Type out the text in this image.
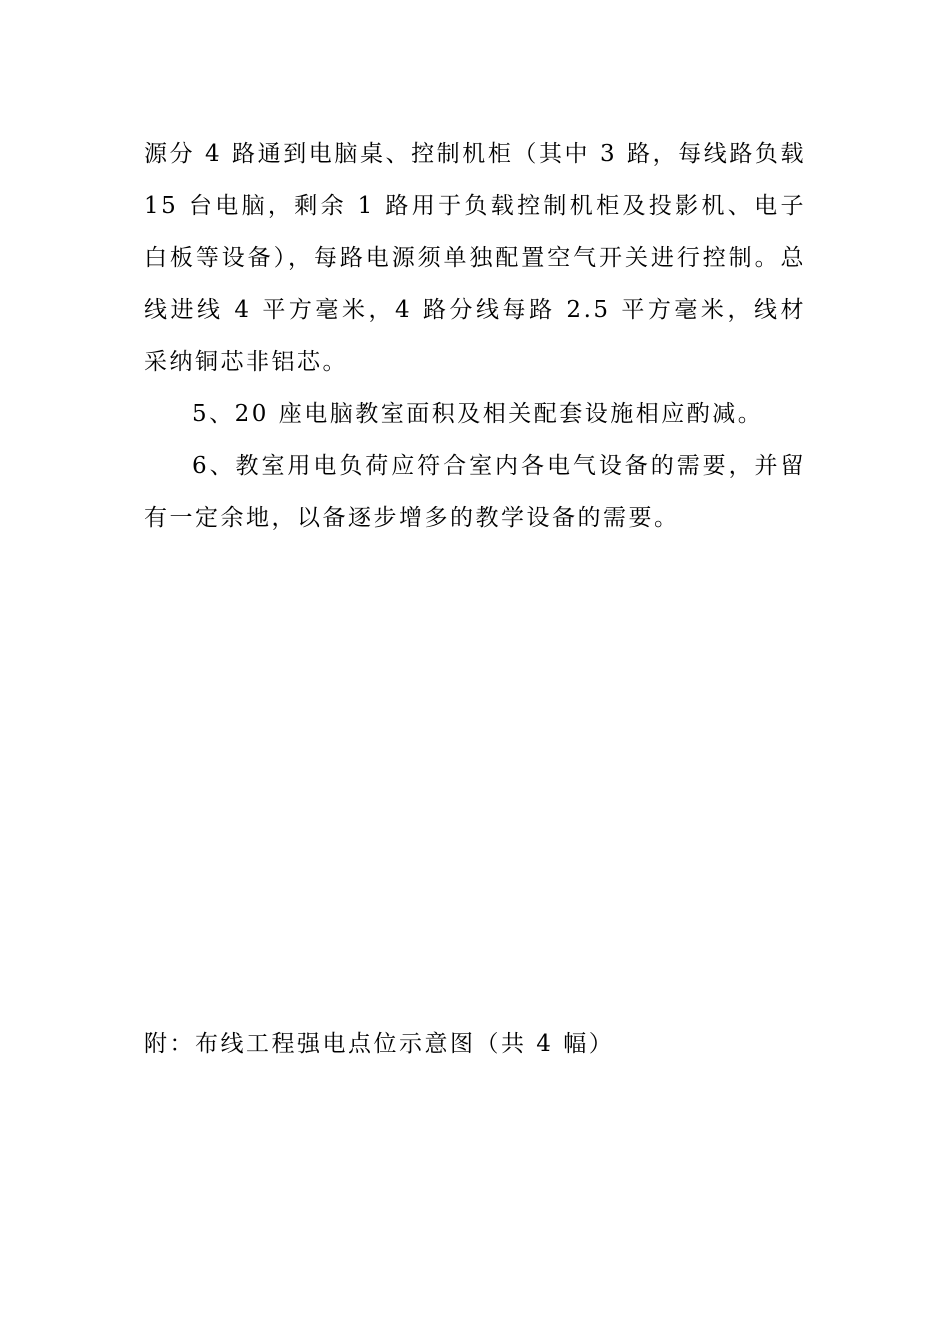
源分 4 路通到电脑桌、控制机柜（其中 3 路，每线路负载 15 台电脑，剩余 1 路用于负载控制机柜及投影机、电子白板等设备），每路电源须单独配置空气开关进行控制。总线进线 4 平方毫米，4 路分线每路 2.5 平方毫米，线材采纳铜芯非铝芯。

5、20 座电脑教室面积及相关配套设施相应酌减。

6、教室用电负荷应符合室内各电气设备的需要，并留有一定余地，以备逐步增多的教学设备的需要。

附：布线工程强电点位示意图（共 4 幅）
